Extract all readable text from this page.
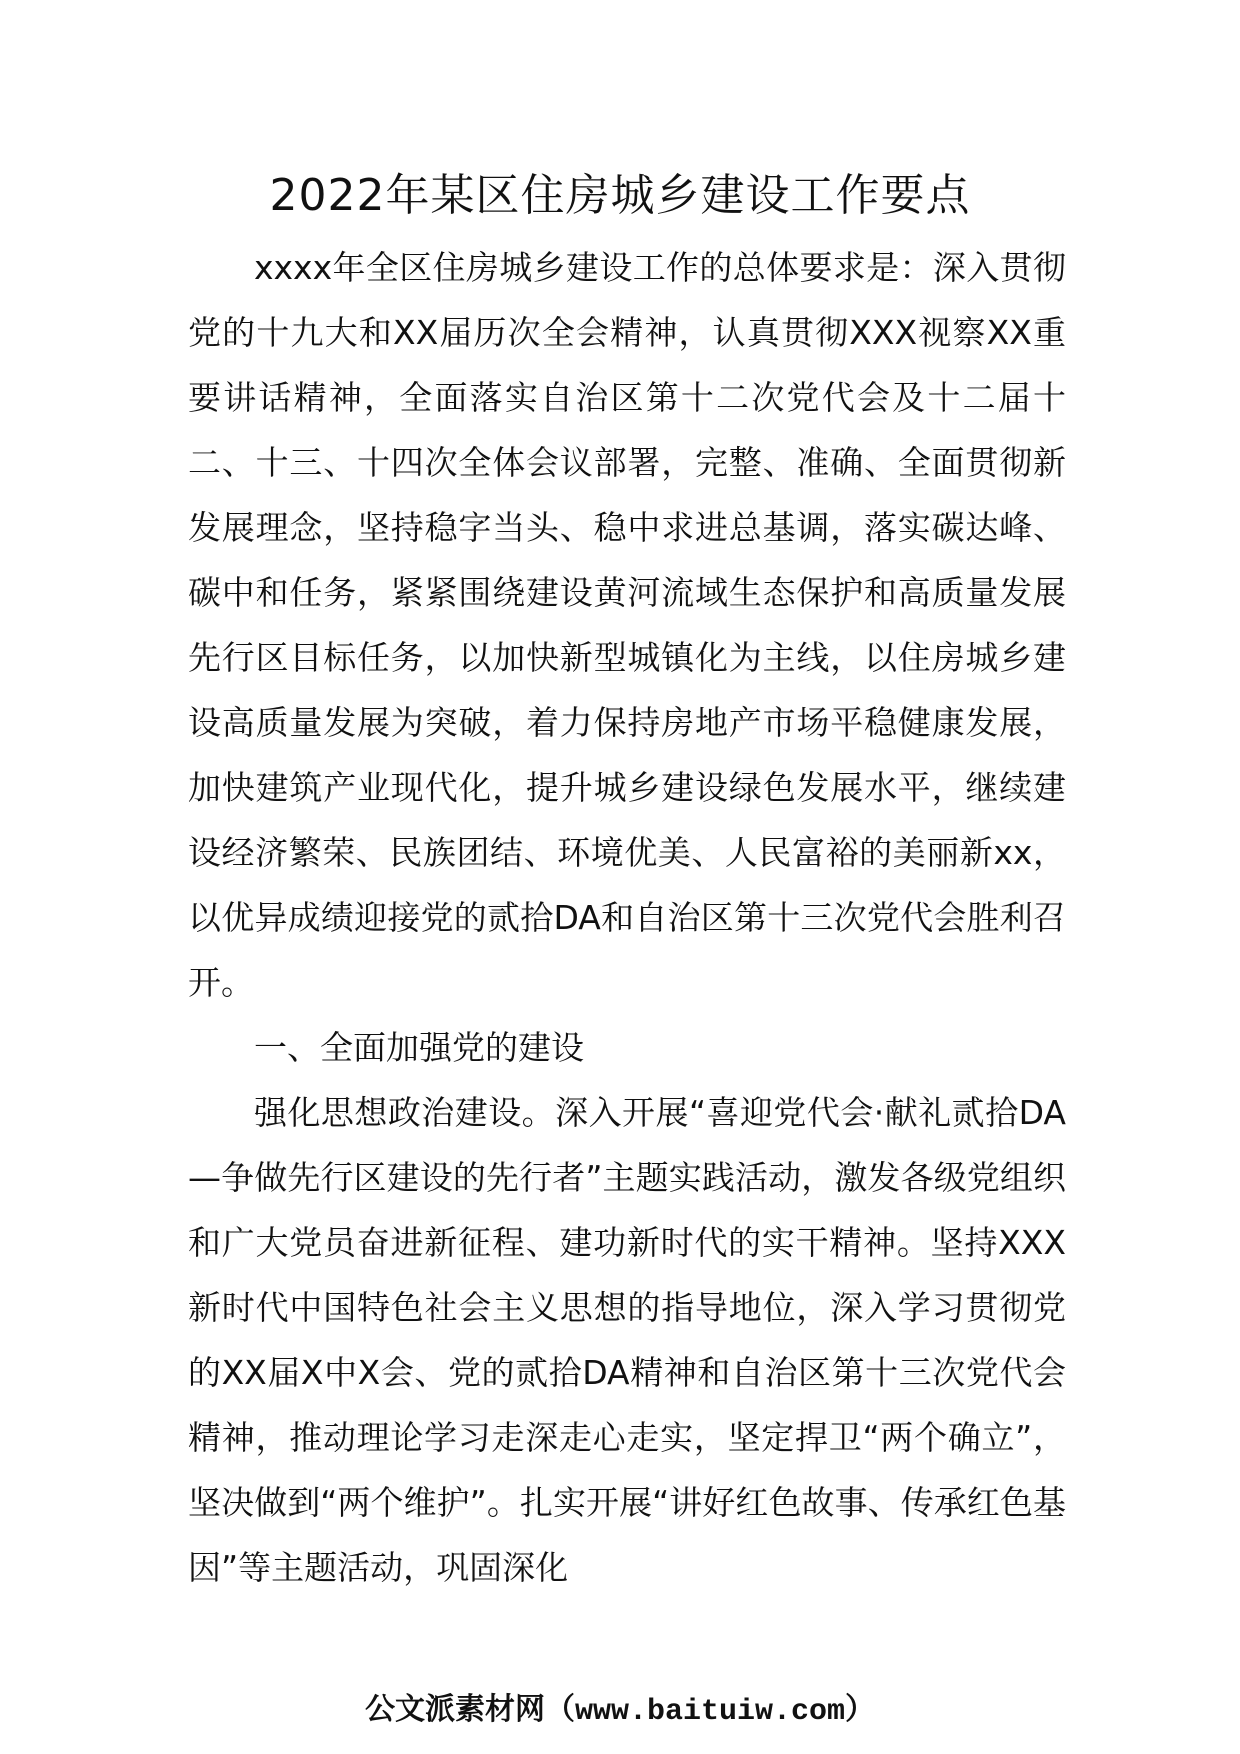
2022年某区住房城乡建设工作要点

xxxx年全区住房城乡建设工作的总体要求是：深入贯彻党的十九大和XX届历次全会精神，认真贯彻XXX视察XX重要讲话精神，全面落实自治区第十二次党代会及十二届十二、十三、十四次全体会议部署，完整、准确、全面贯彻新发展理念，坚持稳字当头、稳中求进总基调，落实碳达峰、碳中和任务，紧紧围绕建设黄河流域生态保护和高质量发展先行区目标任务，以加快新型城镇化为主线，以住房城乡建设高质量发展为突破，着力保持房地产市场平稳健康发展，加快建筑产业现代化，提升城乡建设绿色发展水平，继续建设经济繁荣、民族团结、环境优美、人民富裕的美丽新xx，以优异成绩迎接党的贰拾DA和自治区第十三次党代会胜利召开。

一、全面加强党的建设

强化思想政治建设。深入开展“喜迎党代会·献礼贰拾DA—争做先行区建设的先行者”主题实践活动，激发各级党组织和广大党员奋进新征程、建功新时代的实干精神。坚持XXX新时代中国特色社会主义思想的指导地位，深入学习贯彻党的XX届X中X会、党的贰拾DA精神和自治区第十三次党代会精神，推动理论学习走深走心走实，坚定捍卫“两个确立”，坚决做到“两个维护”。扎实开展“讲好红色故事、传承红色基因”等主题活动，巩固深化

公文派素材网（www.baituiw.com）
